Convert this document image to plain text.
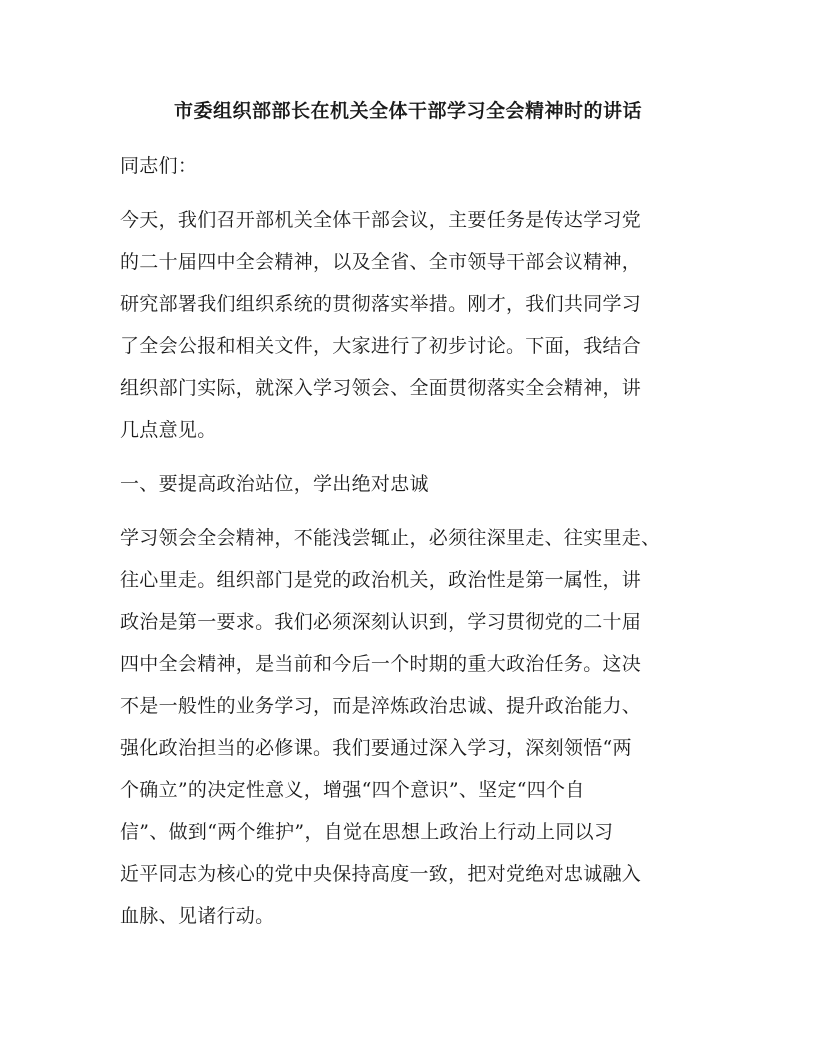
市委组织部部长在机关全体干部学习全会精神时的讲话
同志们：
今天，我们召开部机关全体干部会议，主要任务是传达学习党
的二十届四中全会精神，以及全省、全市领导干部会议精神，
研究部署我们组织系统的贯彻落实举措。刚才，我们共同学习
了全会公报和相关文件，大家进行了初步讨论。下面，我结合
组织部门实际，就深入学习领会、全面贯彻落实全会精神，讲
几点意见。
一、要提高政治站位，学出绝对忠诚
学习领会全会精神，不能浅尝辄止，必须往深里走、往实里走、
往心里走。组织部门是党的政治机关，政治性是第一属性，讲
政治是第一要求。我们必须深刻认识到，学习贯彻党的二十届
四中全会精神，是当前和今后一个时期的重大政治任务。这决
不是一般性的业务学习，而是淬炼政治忠诚、提升政治能力、
强化政治担当的必修课。我们要通过深入学习，深刻领悟“两
个确立”的决定性意义，增强“四个意识”、坚定“四个自
信”、做到“两个维护”，自觉在思想上政治上行动上同以习
近平同志为核心的党中央保持高度一致，把对党绝对忠诚融入
血脉、见诸行动。
